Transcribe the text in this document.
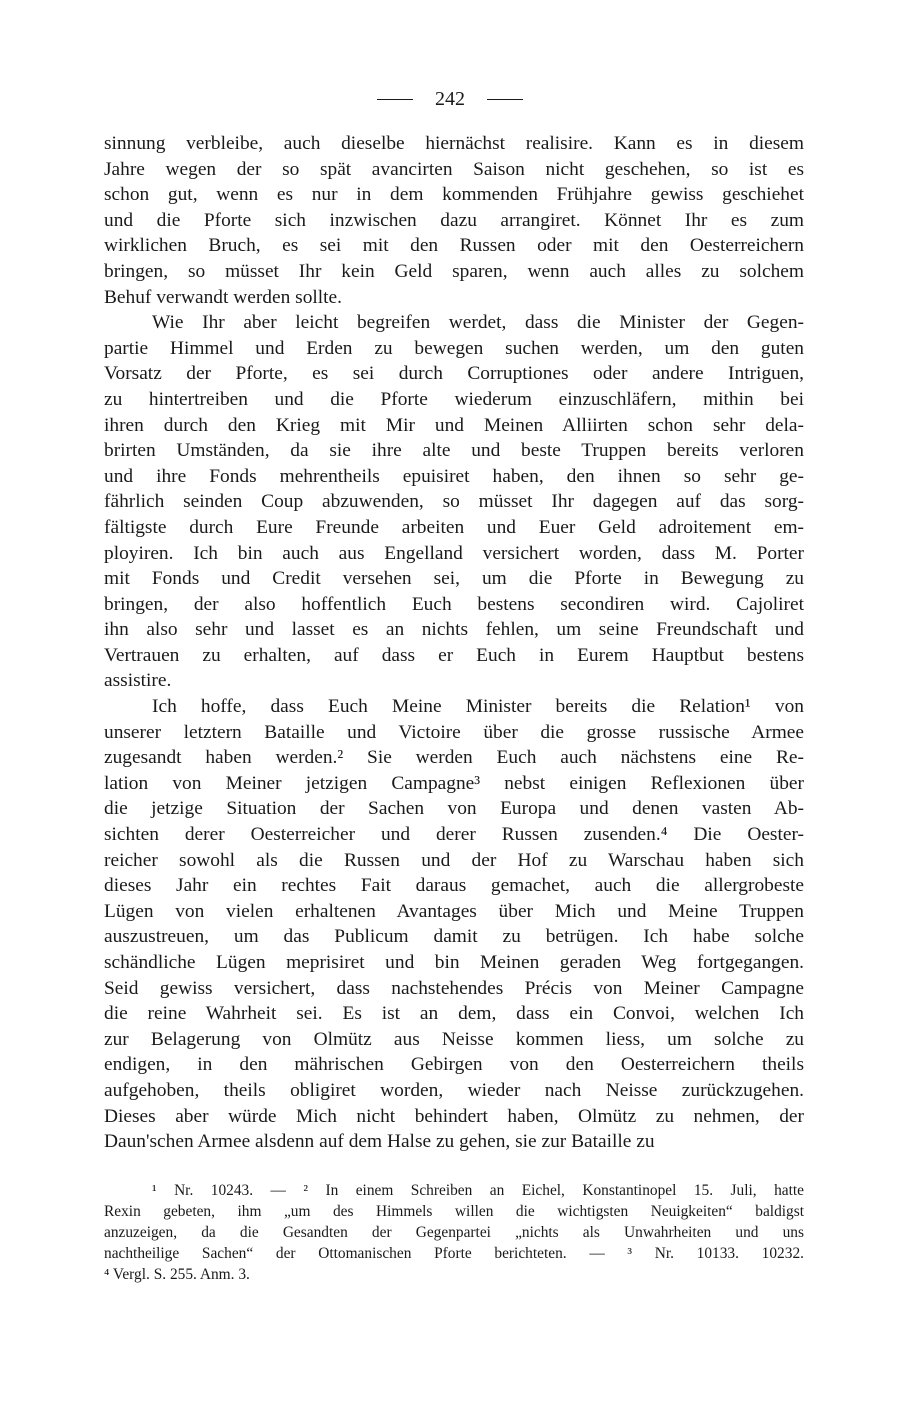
242

sinnung verbleibe, auch dieselbe hiernächst realisire. Kann es in diesem
Jahre wegen der so spät avancirten Saison nicht geschehen, so ist es
schon gut, wenn es nur in dem kommenden Frühjahre gewiss geschiehet
und die Pforte sich inzwischen dazu arrangiret. Könnet Ihr es zum
wirklichen Bruch, es sei mit den Russen oder mit den Oesterreichern
bringen, so müsset Ihr kein Geld sparen, wenn auch alles zu solchem
Behuf verwandt werden sollte.

Wie Ihr aber leicht begreifen werdet, dass die Minister der Gegen-
partie Himmel und Erden zu bewegen suchen werden, um den guten
Vorsatz der Pforte, es sei durch Corruptiones oder andere Intriguen,
zu hintertreiben und die Pforte wiederum einzuschläfern, mithin bei
ihren durch den Krieg mit Mir und Meinen Alliirten schon sehr dela-
brirten Umständen, da sie ihre alte und beste Truppen bereits verloren
und ihre Fonds mehrentheils epuisiret haben, den ihnen so sehr ge-
fährlich seinden Coup abzuwenden, so müsset Ihr dagegen auf das sorg-
fältigste durch Eure Freunde arbeiten und Euer Geld adroitement em-
ployiren. Ich bin auch aus Engelland versichert worden, dass M. Porter
mit Fonds und Credit versehen sei, um die Pforte in Bewegung zu
bringen, der also hoffentlich Euch bestens secondiren wird. Cajoliret
ihn also sehr und lasset es an nichts fehlen, um seine Freundschaft und
Vertrauen zu erhalten, auf dass er Euch in Eurem Hauptbut bestens
assistire.

Ich hoffe, dass Euch Meine Minister bereits die Relation¹ von
unserer letztern Bataille und Victoire über die grosse russische Armee
zugesandt haben werden.² Sie werden Euch auch nächstens eine Re-
lation von Meiner jetzigen Campagne³ nebst einigen Reflexionen über
die jetzige Situation der Sachen von Europa und denen vasten Ab-
sichten derer Oesterreicher und derer Russen zusenden.⁴ Die Oester-
reicher sowohl als die Russen und der Hof zu Warschau haben sich
dieses Jahr ein rechtes Fait daraus gemachet, auch die allergrobeste
Lügen von vielen erhaltenen Avantages über Mich und Meine Truppen
auszustreuen, um das Publicum damit zu betrügen. Ich habe solche
schändliche Lügen meprisiret und bin Meinen geraden Weg fortgegangen.
Seid gewiss versichert, dass nachstehendes Précis von Meiner Campagne
die reine Wahrheit sei. Es ist an dem, dass ein Convoi, welchen Ich
zur Belagerung von Olmütz aus Neisse kommen liess, um solche zu
endigen, in den mährischen Gebirgen von den Oesterreichern theils
aufgehoben, theils obligiret worden, wieder nach Neisse zurückzugehen.
Dieses aber würde Mich nicht behindert haben, Olmütz zu nehmen, der
Daun'schen Armee alsdenn auf dem Halse zu gehen, sie zur Bataille zu

¹ Nr. 10243. — ² In einem Schreiben an Eichel, Konstantinopel 15. Juli, hatte
Rexin gebeten, ihm „um des Himmels willen die wichtigsten Neuigkeiten“ baldigst
anzuzeigen, da die Gesandten der Gegenpartei „nichts als Unwahrheiten und uns
nachtheilige Sachen“ der Ottomanischen Pforte berichteten. — ³ Nr. 10133. 10232.
⁴ Vergl. S. 255. Anm. 3.
